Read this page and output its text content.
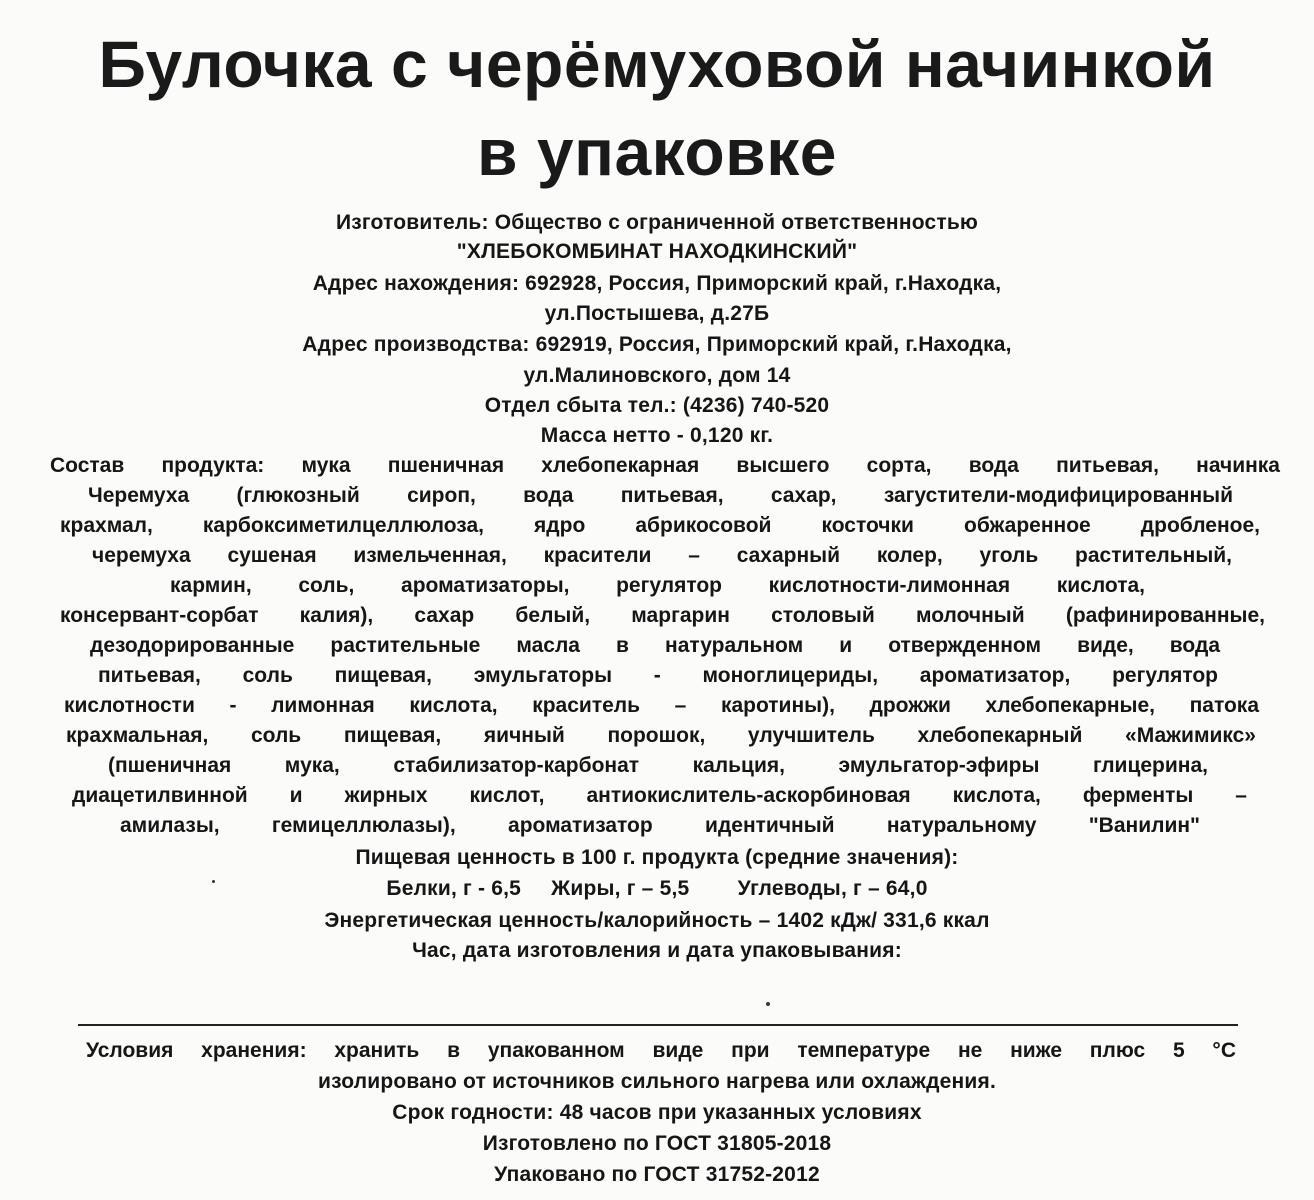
Булочка с черёмуховой начинкой
в упаковке
Изготовитель: Общество с ограниченной ответственностью
"ХЛЕБОКОМБИНАТ НАХОДКИНСКИЙ"
Адрес нахождения: 692928, Россия, Приморский край, г.Находка,
ул.Постышева, д.27Б
Адрес производства: 692919, Россия, Приморский край, г.Находка,
ул.Малиновского, дом 14
Отдел сбыта тел.: (4236) 740-520
Масса нетто - 0,120 кг.
Состав продукта: мука пшеничная хлебопекарная высшего сорта, вода питьевая, начинка
Черемуха (глюкозный сироп, вода питьевая, сахар, загустители-модифицированный
крахмал, карбоксиметилцеллюлоза, ядро абрикосовой косточки обжаренное дробленое,
черемуха сушеная измельченная, красители – сахарный колер, уголь растительный,
кармин, соль, ароматизаторы, регулятор кислотности-лимонная кислота,
консервант-сорбат калия), сахар белый, маргарин столовый молочный (рафинированные,
дезодорированные растительные масла в натуральном и отвержденном виде, вода
питьевая, соль пищевая, эмульгаторы - моноглицериды, ароматизатор, регулятор
кислотности - лимонная кислота, краситель – каротины), дрожжи хлебопекарные, патока
крахмальная, соль пищевая, яичный порошок, улучшитель хлебопекарный «Мажимикс»
(пшеничная мука, стабилизатор-карбонат кальция, эмульгатор-эфиры глицерина,
диацетилвинной и жирных кислот, антиокислитель-аскорбиновая кислота, ферменты –
амилазы, гемицеллюлазы), ароматизатор идентичный натуральному "Ванилин"
Пищевая ценность в 100 г. продукта (средние значения):
Белки, г - 6,5     Жиры, г – 5,5        Углеводы, г – 64,0
Энергетическая ценность/калорийность – 1402 кДж/ 331,6 ккал
Час, дата изготовления и дата упаковывания:
Условия хранения: хранить в упакованном виде при температуре не ниже плюс 5 °С
изолировано от источников сильного нагрева или охлаждения.
Срок годности: 48 часов при указанных условиях
Изготовлено по ГОСТ 31805-2018
Упаковано по ГОСТ 31752-2012
